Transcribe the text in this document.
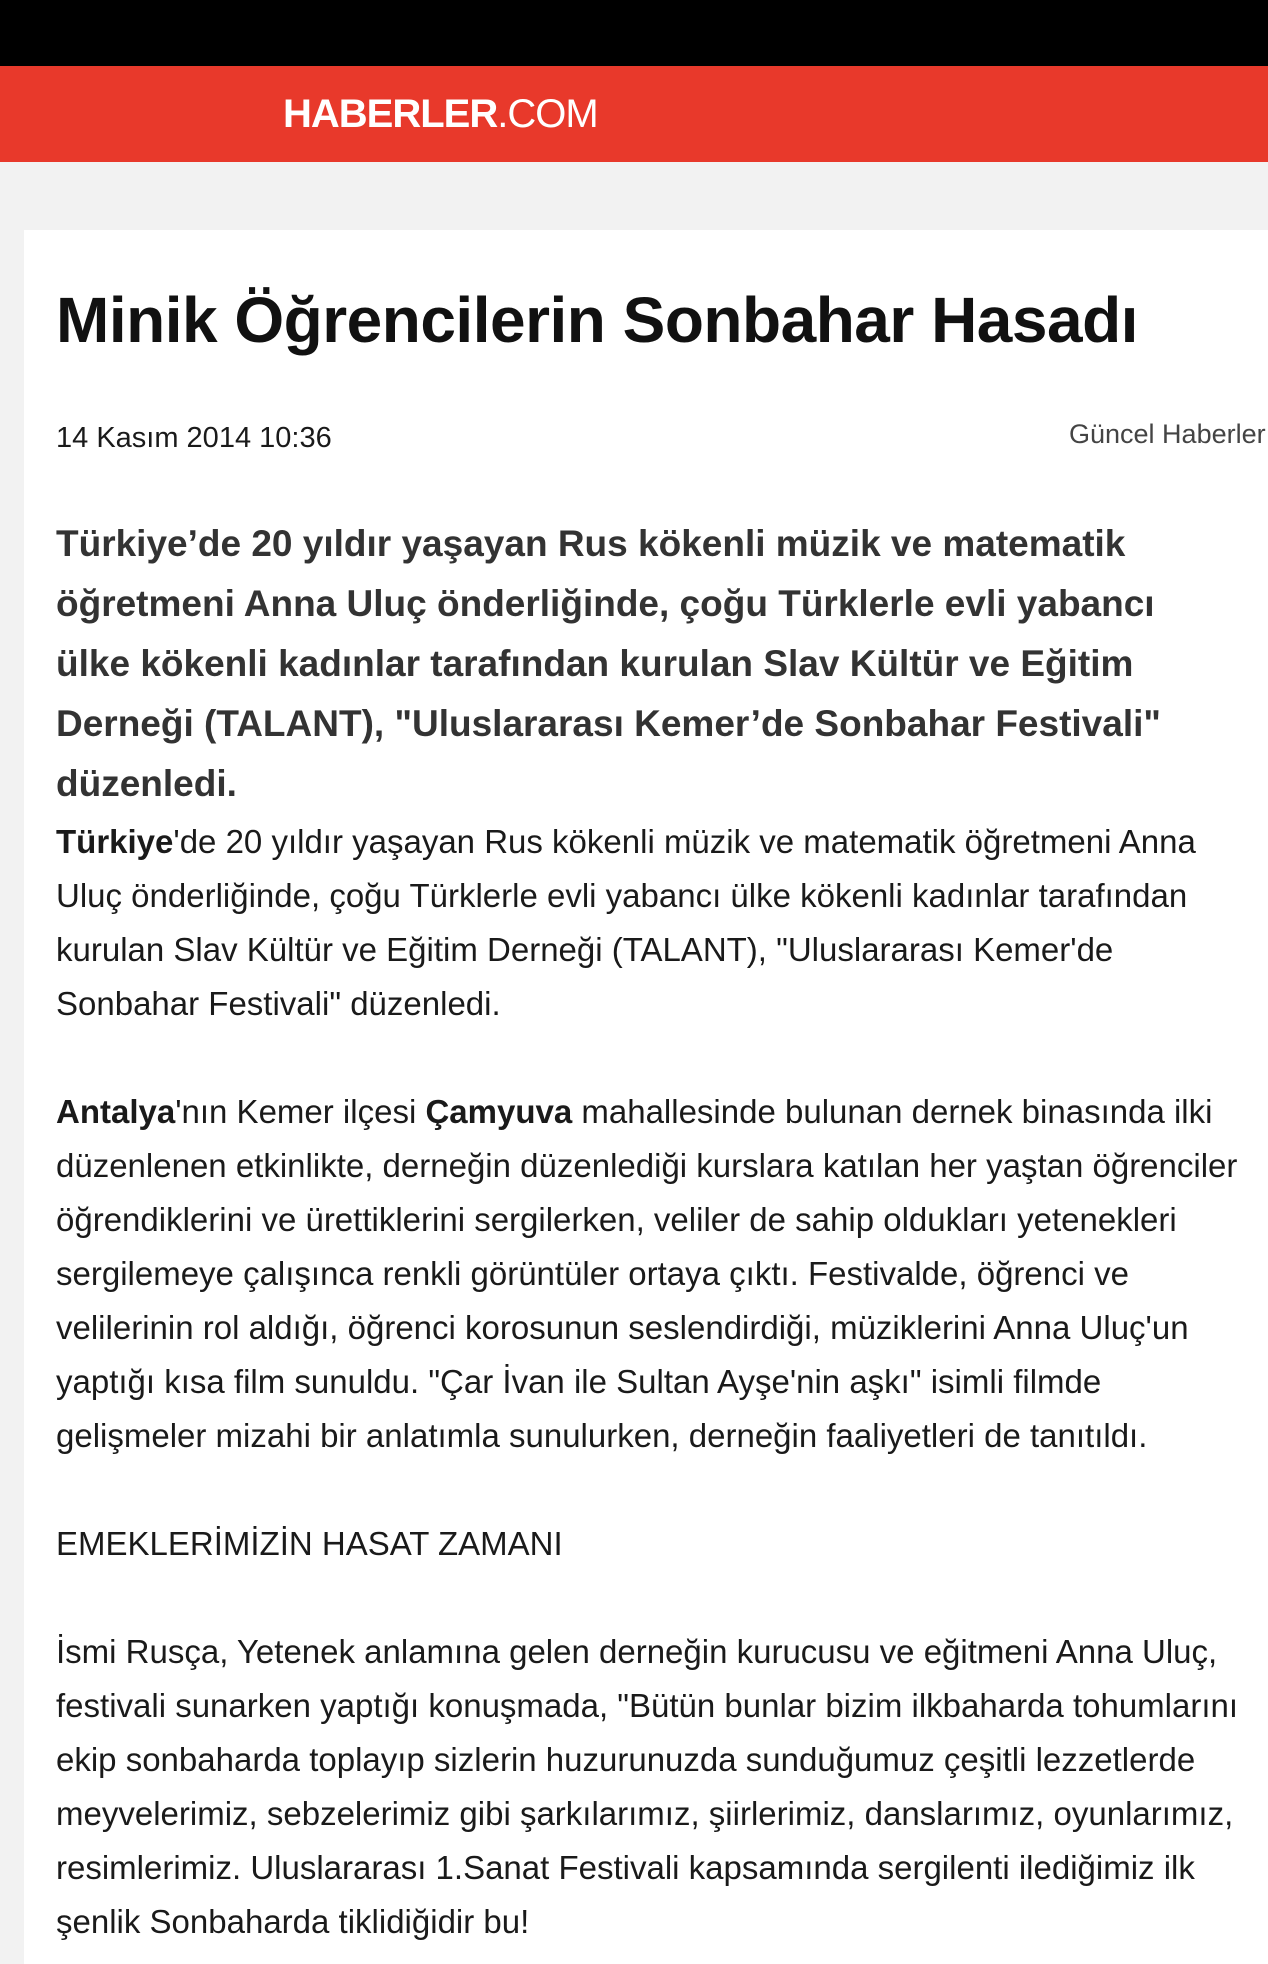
HABERLER.COM
Minik Öğrencilerin Sonbahar Hasadı
14 Kasım 2014 10:36	Güncel Haberler
Türkiye’de 20 yıldır yaşayan Rus kökenli müzik ve matematik öğretmeni Anna Uluç önderliğinde, çoğu Türklerle evli yabancı ülke kökenli kadınlar tarafından kurulan Slav Kültür ve Eğitim Derneği (TALANT), "Uluslararası Kemer’de Sonbahar Festivali" düzenledi.

Türkiye'de 20 yıldır yaşayan Rus kökenli müzik ve matematik öğretmeni Anna Uluç önderliğinde, çoğu Türklerle evli yabancı ülke kökenli kadınlar tarafından kurulan Slav Kültür ve Eğitim Derneği (TALANT), "Uluslararası Kemer'de Sonbahar Festivali" düzenledi.

Antalya'nın Kemer ilçesi Çamyuva mahallesinde bulunan dernek binasında ilki düzenlenen etkinlikte, derneğin düzenlediği kurslara katılan her yaştan öğrenciler öğrendiklerini ve ürettiklerini sergilerken, veliler de sahip oldukları yetenekleri sergilemeye çalışınca renkli görüntüler ortaya çıktı. Festivalde, öğrenci ve velilerinin rol aldığı, öğrenci korosunun seslendirdiği, müziklerini Anna Uluç'un yaptığı kısa film sunuldu. "Çar İvan ile Sultan Ayşe'nin aşkı" isimli filmde gelişmeler mizahi bir anlatımla sunulurken, derneğin faaliyetleri de tanıtıldı.

EMEKLERİMİZİN HASAT ZAMANI

İsmi Rusça, Yetenek anlamına gelen derneğin kurucusu ve eğitmeni Anna Uluç, festivali sunarken yaptığı konuşmada, "Bütün bunlar bizim ilkbaharda tohumlarını ekip sonbaharda toplayıp sizlerin huzurunuzda sunduğumuz çeşitli lezzetlerde meyvelerimiz, sebzelerimiz gibi şarkılarımız, şiirlerimiz, danslarımız, oyunlarımız, resimlerimiz. Uluslararası 1.Sanat Festivali kapsamında sergilenti ilediğimiz ilk şenlik Sonbaharda tiklidiğidir bu!
